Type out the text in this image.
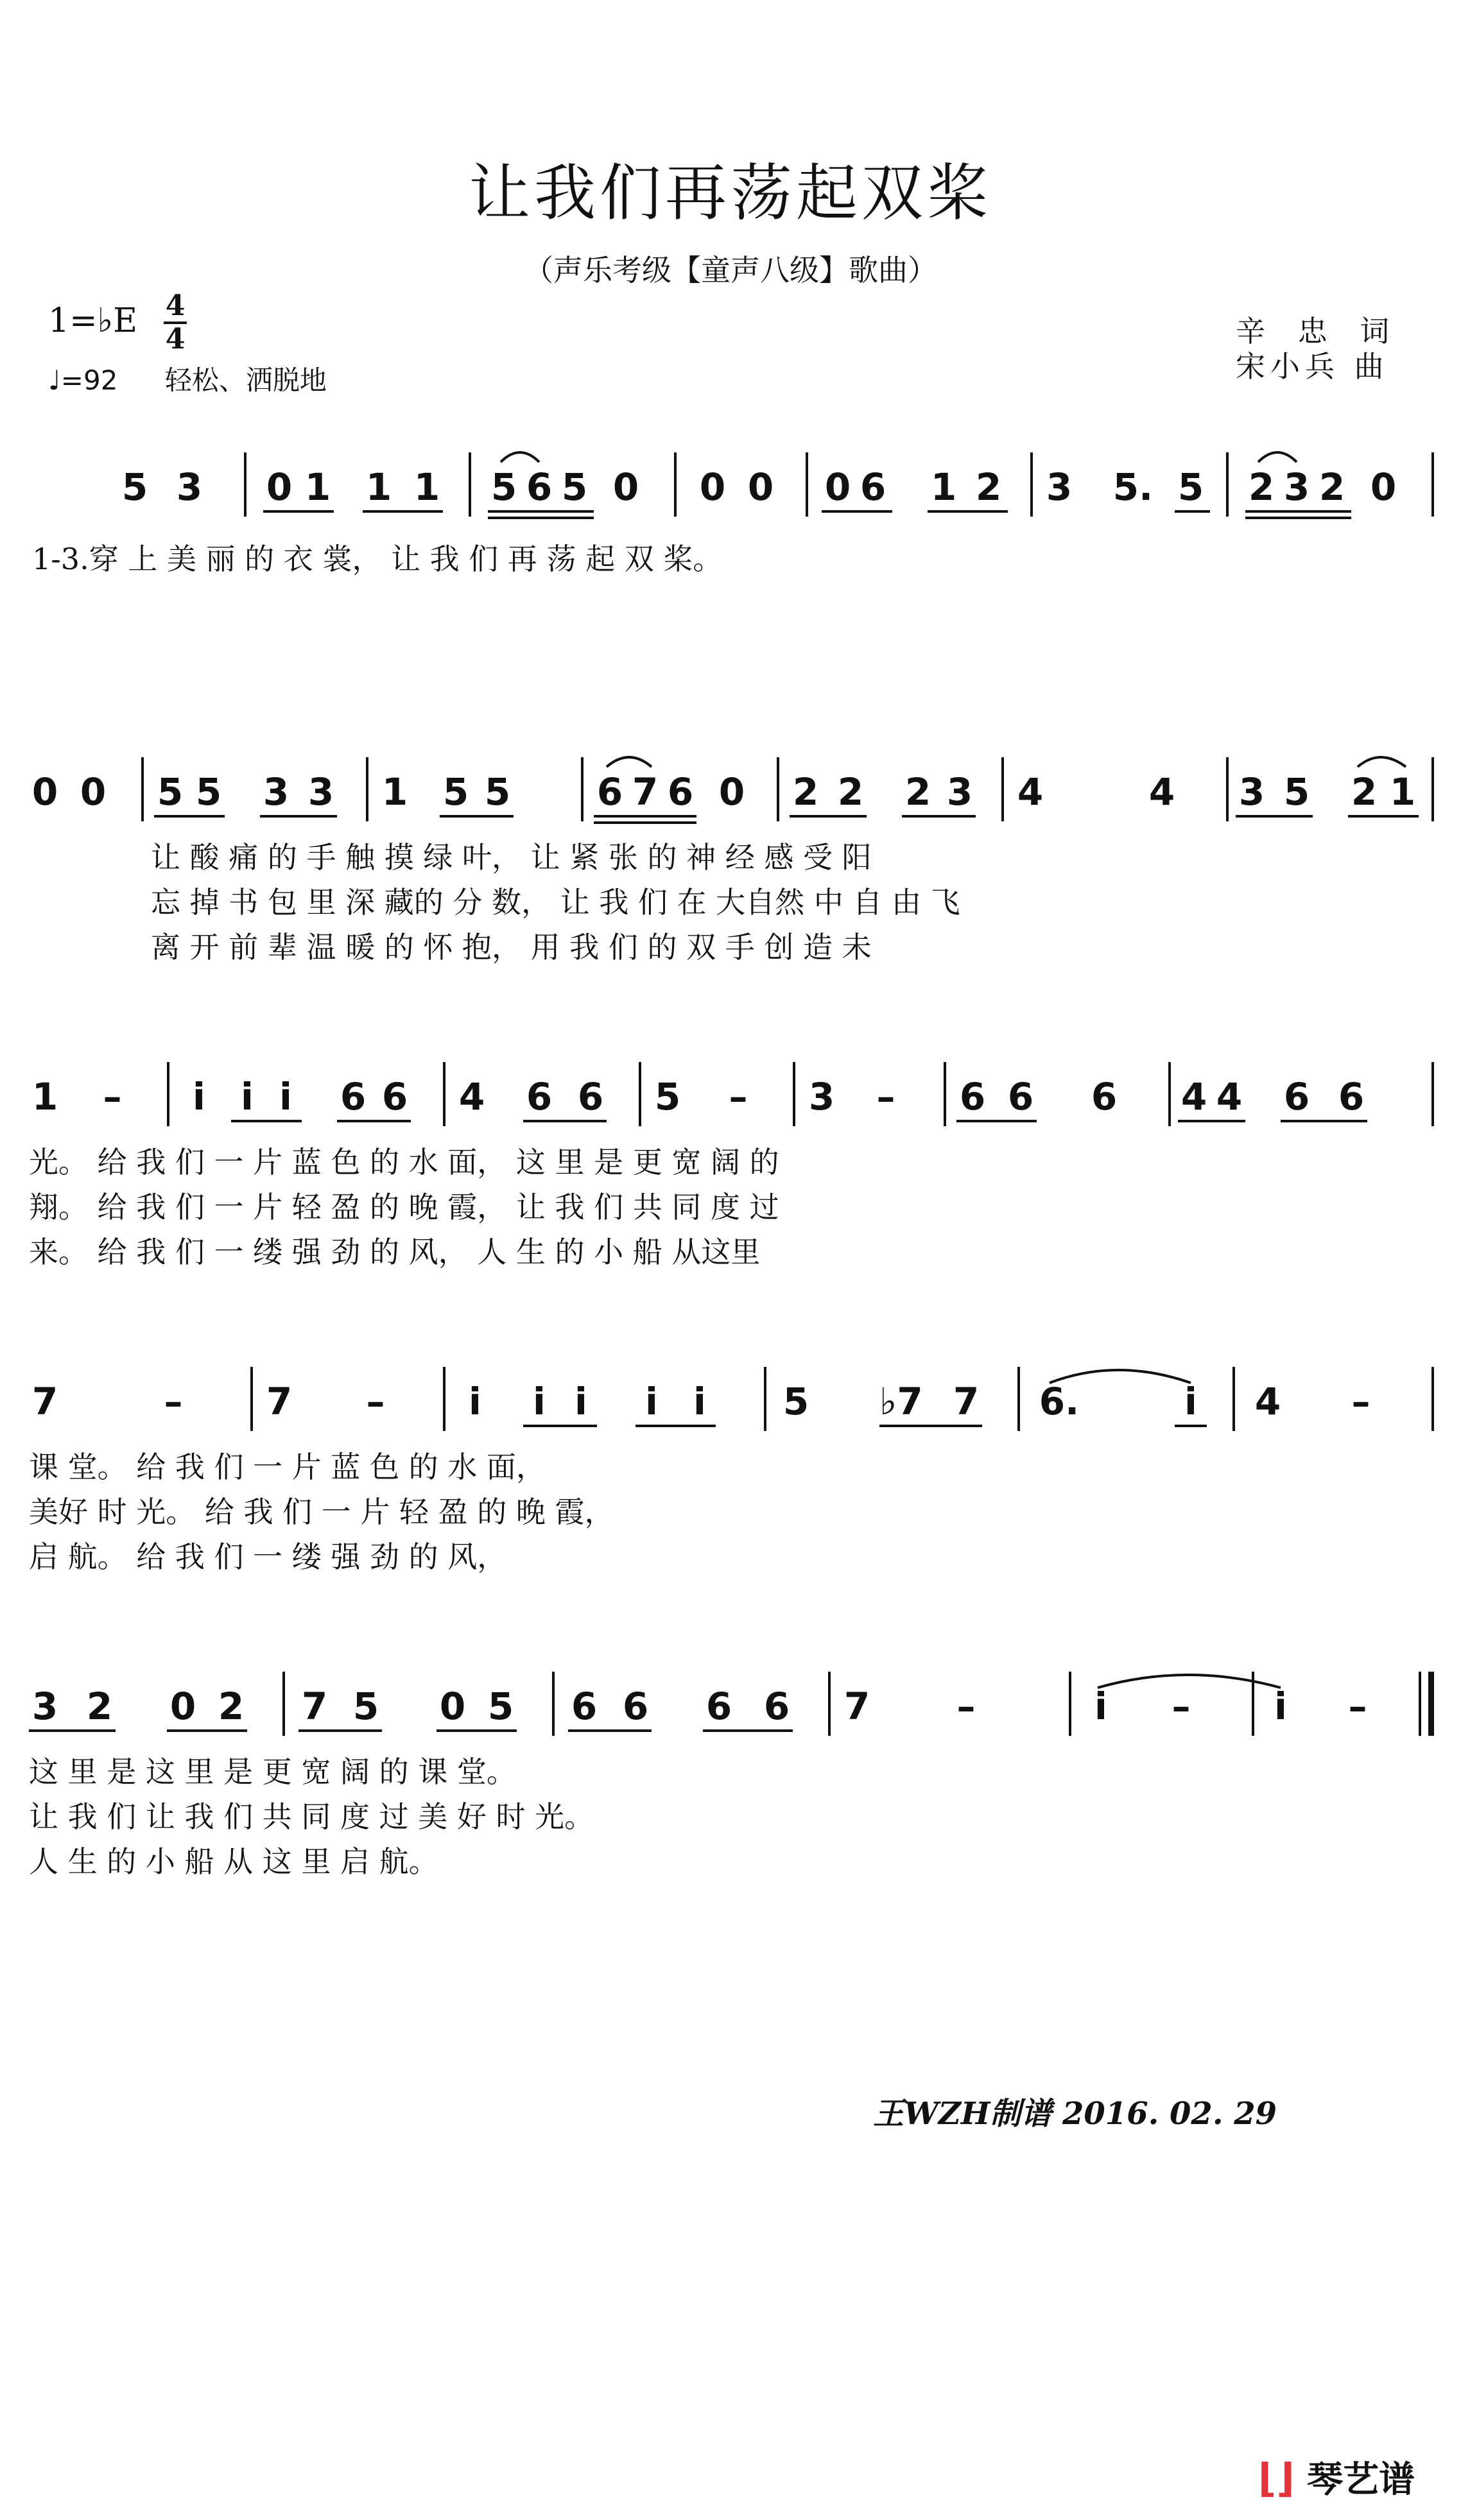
让我们再荡起双桨
（声乐考级【童声八级】歌曲）
1=♭E 4
4
♩=92 轻松、洒脱地
辛 忠 词
宋小兵 曲
5 3 0 1 1 1 5 6 5 0 0 0 0 6 1 2 3 5. 5 2 3 2 0
1-3.穿 上 美 丽 的 衣 裳， 让 我 们 再 荡 起 双 桨。
0 0 5 5 3 3 1 5 5 6 7 6 0 2 2 2 3 4	4 3 5 2 1
让 酸 痛 的 手 触 摸 绿 叶， 让 紧 张 的 神 经 感 受 阳
忘 掉 书 包 里 深 藏的 分 数， 让 我 们 在 大自然 中 自 由 飞
离 开 前 辈 温 暖 的 怀 抱， 用 我 们 的 双 手 创 造 未
1 – i i i 6 6 4 6 6 5 – 3 – 6 6 6 4 4 6 6
光。 给 我 们 一 片 蓝 色 的 水 面， 这 里 是 更 宽 阔 的
翔。 给 我 们 一 片 轻 盈 的 晚 霞， 让 我 们 共 同 度 过
来。 给 我 们 一 缕 强 劲 的 风， 人 生 的 小 船 从这里
7	– 7 – i i i i i 5 ♭7 7 6.	i 4 –
课 堂。 给 我 们 一 片 蓝 色 的 水 面，
美好 时 光。 给 我 们 一 片 轻 盈 的 晚 霞，
启 航。 给 我 们 一 缕 强 劲 的 风，
3 2 0 2 7 5 0 5 6 6 6 6 7 –	i – i –
这 里 是 这 里 是 更 宽 阔 的 课 堂。
让 我 们 让 我 们 共 同 度 过 美 好 时 光。
人 生 的 小 船 从 这 里 启 航。
王WZH制谱 2016. 02. 29
⌊⌋ 琴艺谱
